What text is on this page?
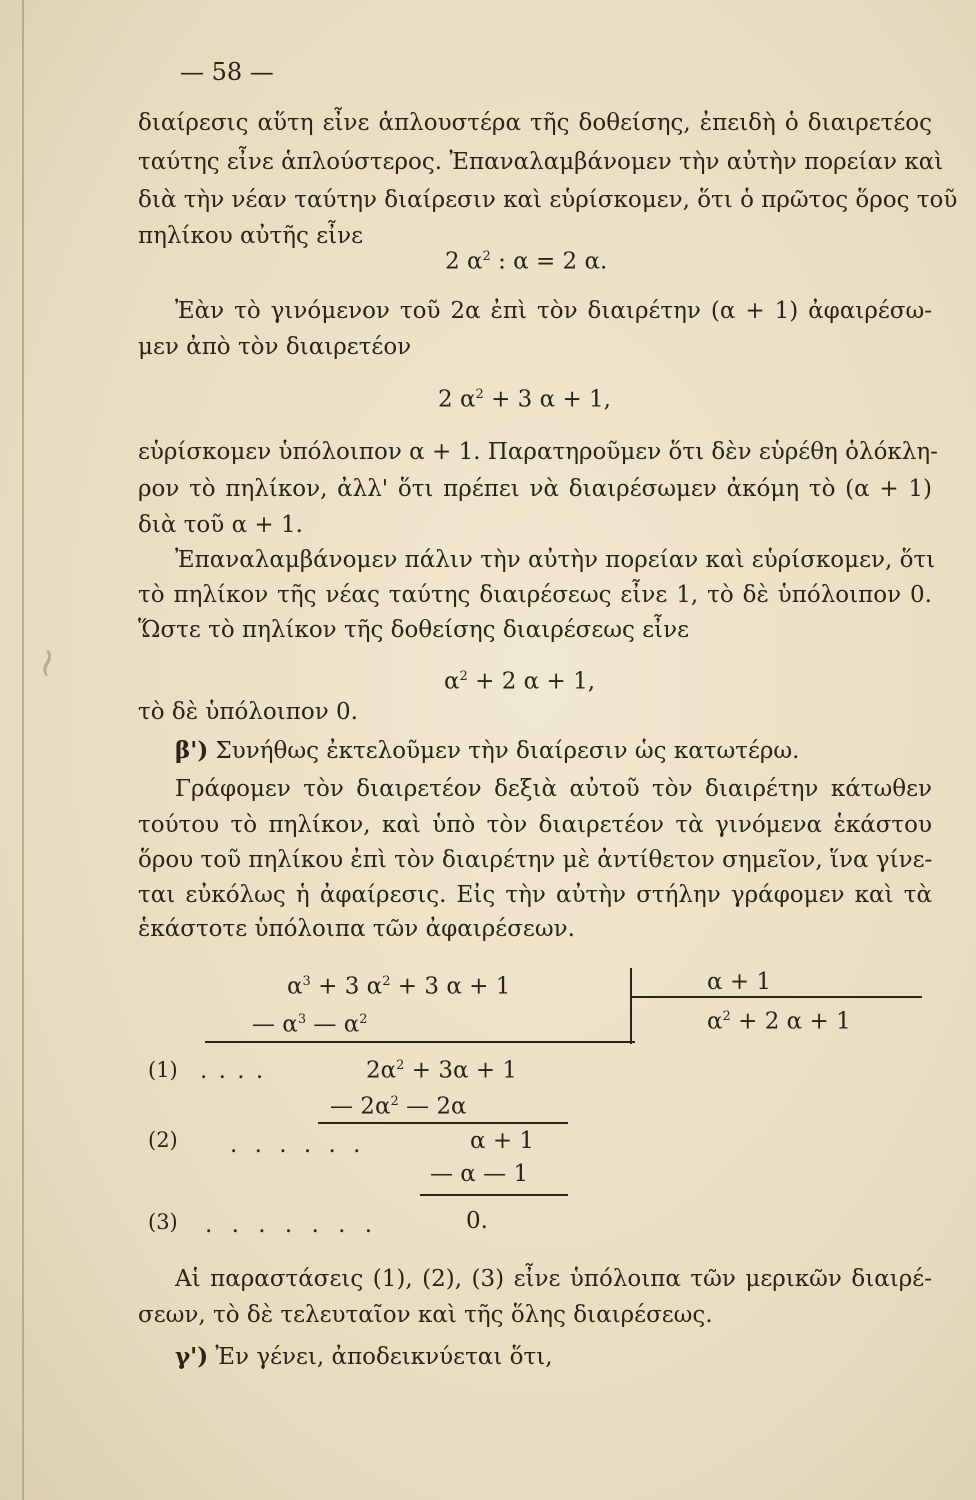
~
— 58 —
διαίρεσις αὕτη εἶνε ἁπλουστέρα τῆς δοθείσης, ἐπειδὴ ὁ διαιρετέος
ταύτης εἶνε ἁπλούστερος. Ἐπαναλαμβάνομεν τὴν αὐτὴν πορείαν καὶ
διὰ τὴν νέαν ταύτην διαίρεσιν καὶ εὑρίσκομεν, ὅτι ὁ πρῶτος ὅρος τοῦ
πηλίκου αὐτῆς εἶνε
2 $\alpha^2$ : α = 2 α.
Ἐὰν τὸ γινόμενον τοῦ 2α ἐπὶ τὸν διαιρέτην (α + 1) ἀφαιρέσω-
μεν ἀπὸ τὸν διαιρετέον
2 $\alpha^2 + 3$ α + 1,
εὑρίσκομεν ὑπόλοιπον α + 1. Παρατηροῦμεν ὅτι δὲν εὑρέθη ὁλόκλη-
ρον τὸ πηλίκον, ἀλλ' ὅτι πρέπει νὰ διαιρέσωμεν ἀκόμη τὸ (α + 1)
διὰ τοῦ α + 1.
Ἐπαναλαμβάνομεν πάλιν τὴν αὐτὴν πορείαν καὶ εὑρίσκομεν, ὅτι
τὸ πηλίκον τῆς νέας ταύτης διαιρέσεως εἶνε 1, τὸ δὲ ὑπόλοιπον 0.
Ὥστε τὸ πηλίκον τῆς δοθείσης διαιρέσεως εἶνε
$\alpha^2 + 2$ α + 1,
τὸ δὲ ὑπόλοιπον 0.
β') Συνήθως ἐκτελοῦμεν τὴν διαίρεσιν ὡς κατωτέρω.
Γράφομεν τὸν διαιρετέον δεξιὰ αὐτοῦ τὸν διαιρέτην κάτωθεν
τούτου τὸ πηλίκον, καὶ ὑπὸ τὸν διαιρετέον τὰ γινόμενα ἑκάστου
ὅρου τοῦ πηλίκου ἐπὶ τὸν διαιρέτην μὲ ἀντίθετον σημεῖον, ἵνα γίνε-
ται εὐκόλως ἡ ἀφαίρεσις. Εἰς τὴν αὐτὴν στήλην γράφομεν καὶ τὰ
ἑκάστοτε ὑπόλοιπα τῶν ἀφαιρέσεων.
$\alpha^3 + 3$ $\alpha^2 + 3$ α + 1
— $\alpha^3$ — $\alpha^2$
(1) . . . .	$2\alpha^2 + 3\alpha + 1$
— $2\alpha^2$ — 2α
(2) . . . . . .	α + 1
— α — 1
(3) . . . . . . .	0.
α + 1
$\alpha^2 + 2$ α + 1
Αἱ παραστάσεις (1), (2), (3) εἶνε ὑπόλοιπα τῶν μερικῶν διαιρέ-
σεων, τὸ δὲ τελευταῖον καὶ τῆς ὅλης διαιρέσεως.
γ') Ἐν γένει, ἀποδεικνύεται ὅτι,
